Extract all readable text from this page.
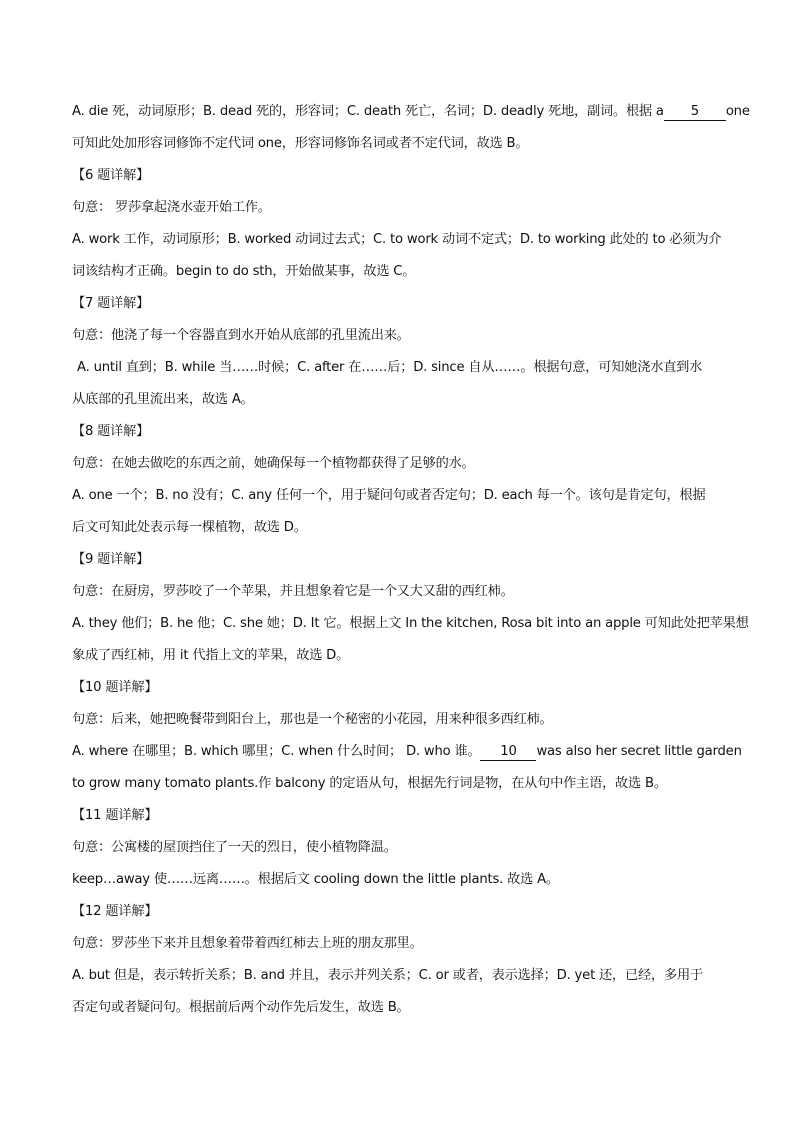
A. die 死，动词原形；B. dead 死的，形容词；C. death 死亡，名词；D. deadly 死地，副词。根据 a 5 one
可知此处加形容词修饰不定代词 one，形容词修饰名词或者不定代词，故选 B。
【6 题详解】
句意： 罗莎拿起浇水壶开始工作。
A. work 工作，动词原形；B. worked 动词过去式；C. to work 动词不定式；D. to working 此处的 to 必须为介
词该结构才正确。begin to do sth，开始做某事，故选 C。
【7 题详解】
句意：他浇了每一个容器直到水开始从底部的孔里流出来。
A. until 直到；B. while 当……时候；C. after 在……后；D. since 自从……。根据句意，可知她浇水直到水
从底部的孔里流出来，故选 A。
【8 题详解】
句意：在她去做吃的东西之前，她确保每一个植物都获得了足够的水。
A. one 一个；B. no 没有；C. any 任何一个，用于疑问句或者否定句；D. each 每一个。该句是肯定句，根据
后文可知此处表示每一棵植物，故选 D。
【9 题详解】
句意：在厨房，罗莎咬了一个苹果，并且想象着它是一个又大又甜的西红柿。
A. they 他们；B. he 他；C. she 她；D. It 它。根据上文 In the kitchen, Rosa bit into an apple 可知此处把苹果想
象成了西红柿，用 it 代指上文的苹果，故选 D。
【10 题详解】
句意：后来，她把晚餐带到阳台上，那也是一个秘密的小花园，用来种很多西红柿。
A. where 在哪里；B. which 哪里；C. when 什么时间； D. who 谁。 10 was also her secret little garden
to grow many tomato plants.作 balcony 的定语从句，根据先行词是物，在从句中作主语，故选 B。
【11 题详解】
句意：公寓楼的屋顶挡住了一天的烈日，使小植物降温。
keep…away 使……远离……。根据后文 cooling down the little plants. 故选 A。
【12 题详解】
句意：罗莎坐下来并且想象着带着西红柿去上班的朋友那里。
A. but 但是，表示转折关系；B. and 并且，表示并列关系；C. or 或者，表示选择；D. yet 还，已经，多用于
否定句或者疑问句。根据前后两个动作先后发生，故选 B。
